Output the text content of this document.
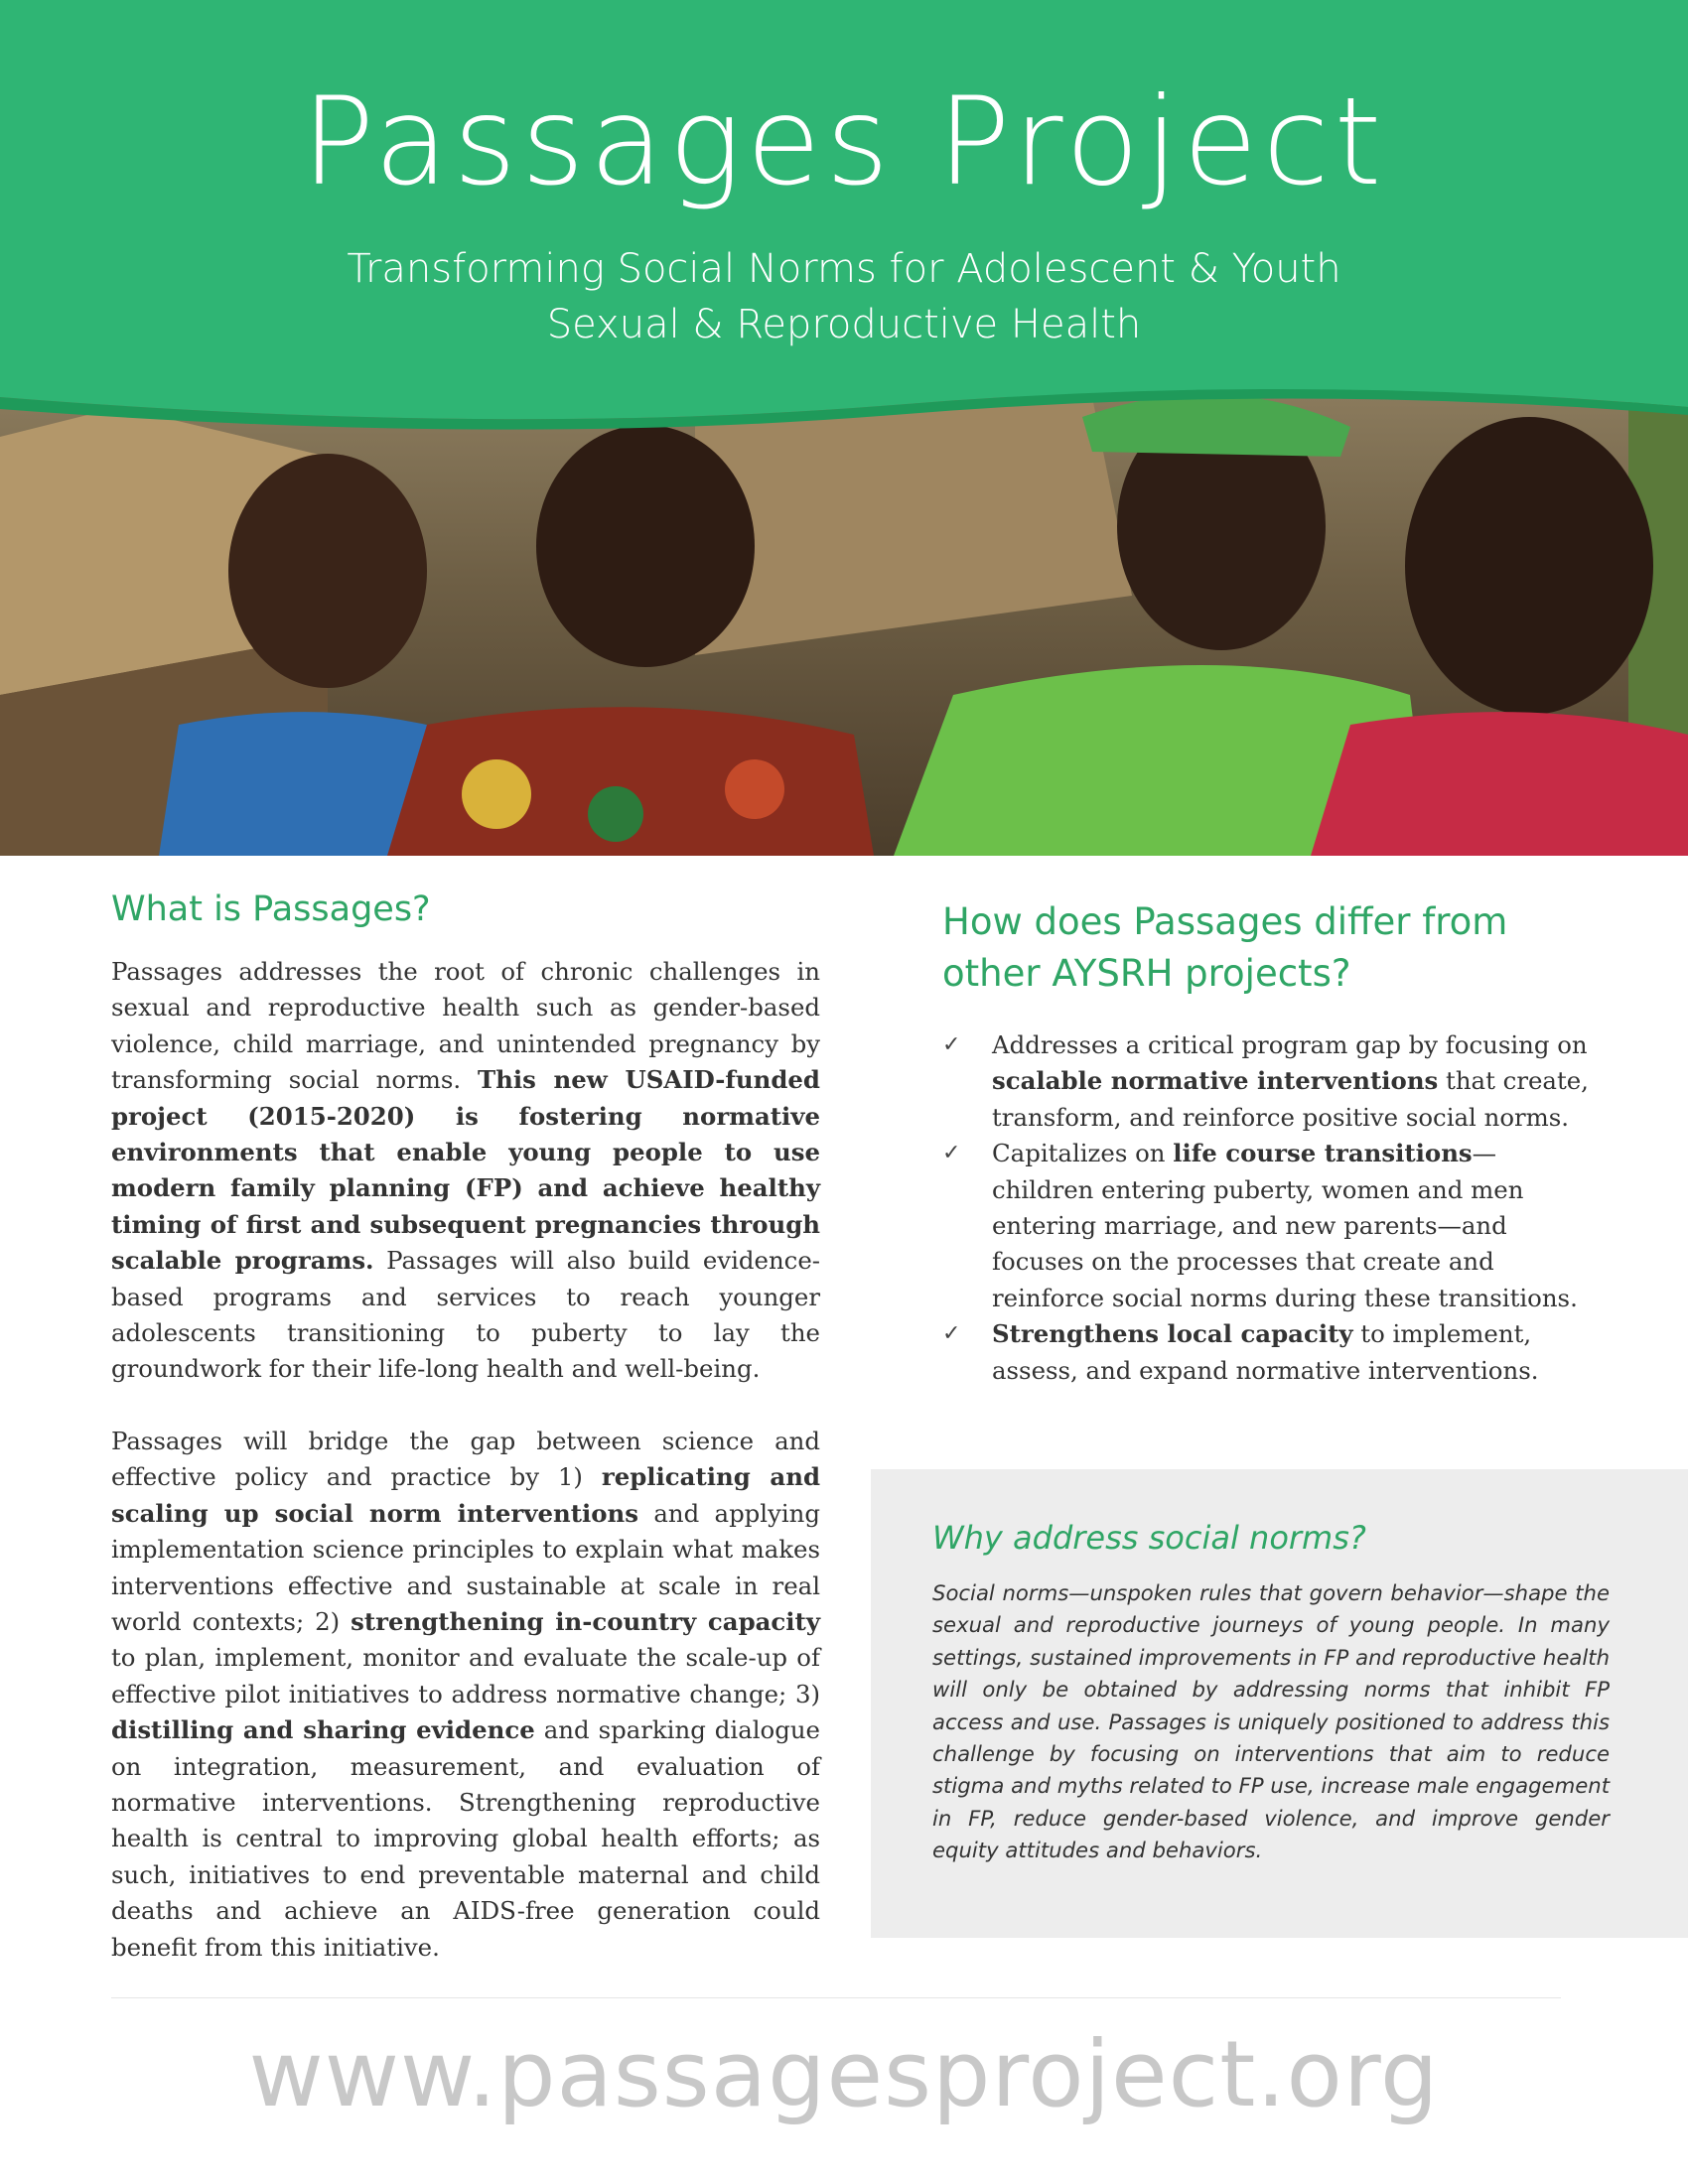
Passages Project
Transforming Social Norms for Adolescent & Youth
Sexual & Reproductive Health
What is Passages?

Passages addresses the root of chronic challenges in sexual and reproductive health such as gender-based violence, child marriage, and unintended pregnancy by transforming social norms. This new USAID-funded project (2015-2020) is fostering normative environments that enable young people to use modern family planning (FP) and achieve healthy timing of first and subsequent pregnancies through scalable programs. Passages will also build evidence-based programs and services to reach younger adolescents transitioning to puberty to lay the groundwork for their life-long health and well-being.

Passages will bridge the gap between science and effective policy and practice by 1) replicating and scaling up social norm interventions and applying implementation science principles to explain what makes interventions effective and sustainable at scale in real world contexts; 2) strengthening in-country capacity to plan, implement, monitor and evaluate the scale-up of effective pilot initiatives to address normative change; 3) distilling and sharing evidence and sparking dialogue on integration, measurement, and evaluation of normative interventions. Strengthening reproductive health is central to improving global health efforts; as such, initiatives to end preventable maternal and child deaths and achieve an AIDS-free generation could benefit from this initiative.

How does Passages differ from other AYSRH projects?
✓ Addresses a critical program gap by focusing on scalable normative interventions that create, transform, and reinforce positive social norms.
✓ Capitalizes on life course transitions—children entering puberty, women and men entering marriage, and new parents—and focuses on the processes that create and reinforce social norms during these transitions.
✓ Strengthens local capacity to implement, assess, and expand normative interventions.
Why address social norms?

Social norms—unspoken rules that govern behavior—shape the sexual and reproductive journeys of young people. In many settings, sustained improvements in FP and reproductive health will only be obtained by addressing norms that inhibit FP access and use. Passages is uniquely positioned to address this challenge by focusing on interventions that aim to reduce stigma and myths related to FP use, increase male engagement in FP, reduce gender-based violence, and improve gender equity attitudes and behaviors.

www.passagesproject.org
